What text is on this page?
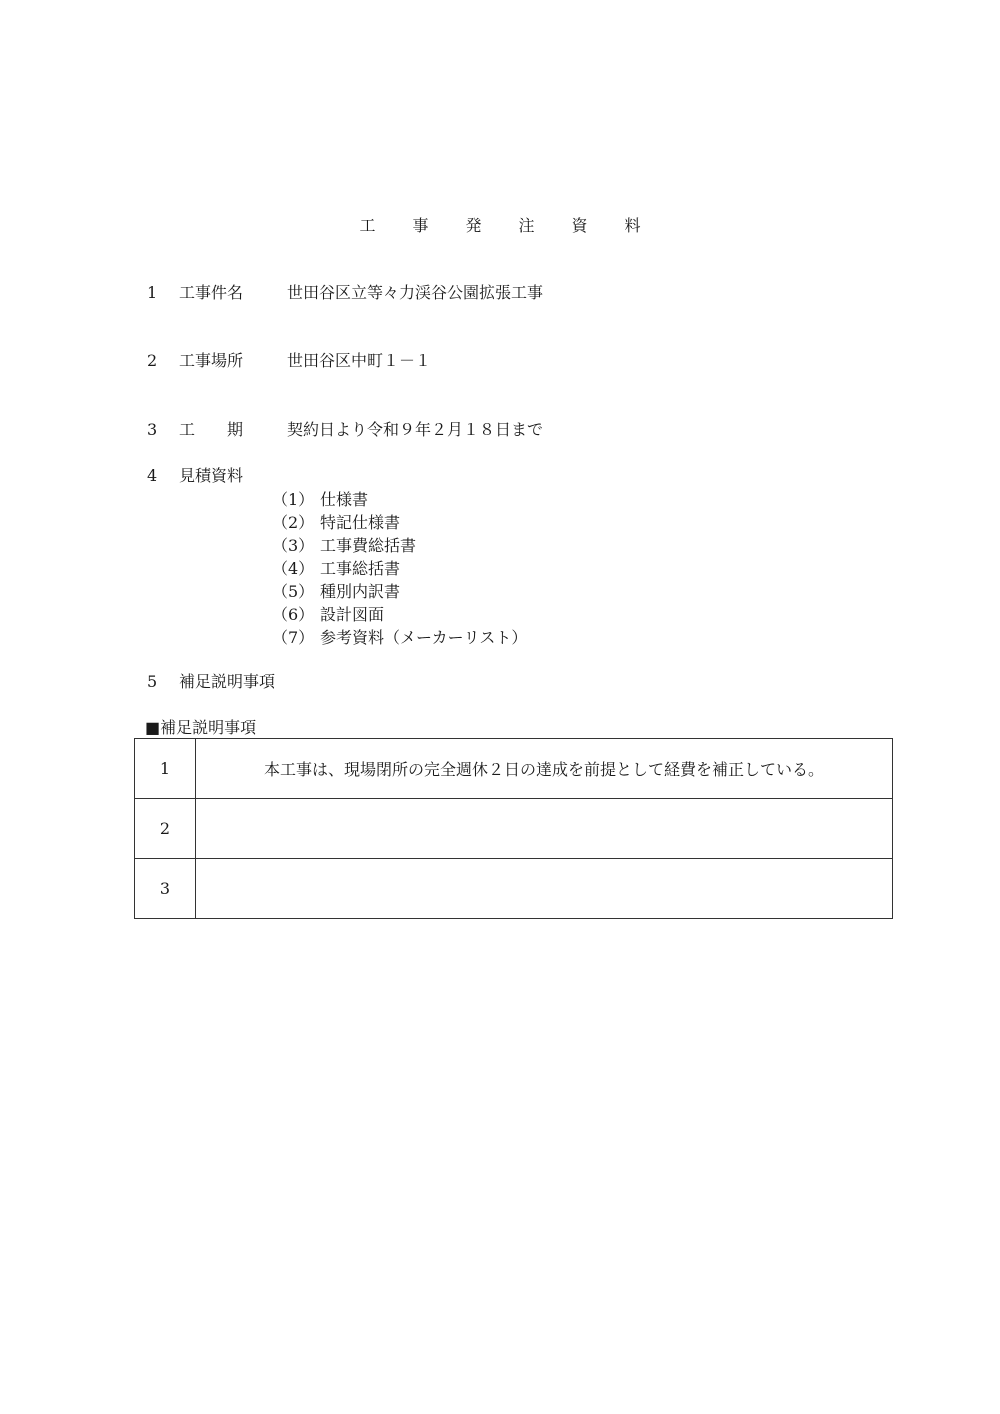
工 事 発 注 資 料
1 工事件名	世田谷区立等々力渓谷公園拡張工事
2 工事場所	世田谷区中町１－１
3 工　　期	契約日より令和９年２月１８日まで
4 見積資料
（1） 仕様書
（2） 特記仕様書
（3） 工事費総括書
（4） 工事総括書
（5） 種別内訳書
（6） 設計図面
（7） 参考資料（メーカーリスト）
5 補足説明事項
■補足説明事項
1	本工事は、現場閉所の完全週休２日の達成を前提として経費を補正している。
2	
3	
